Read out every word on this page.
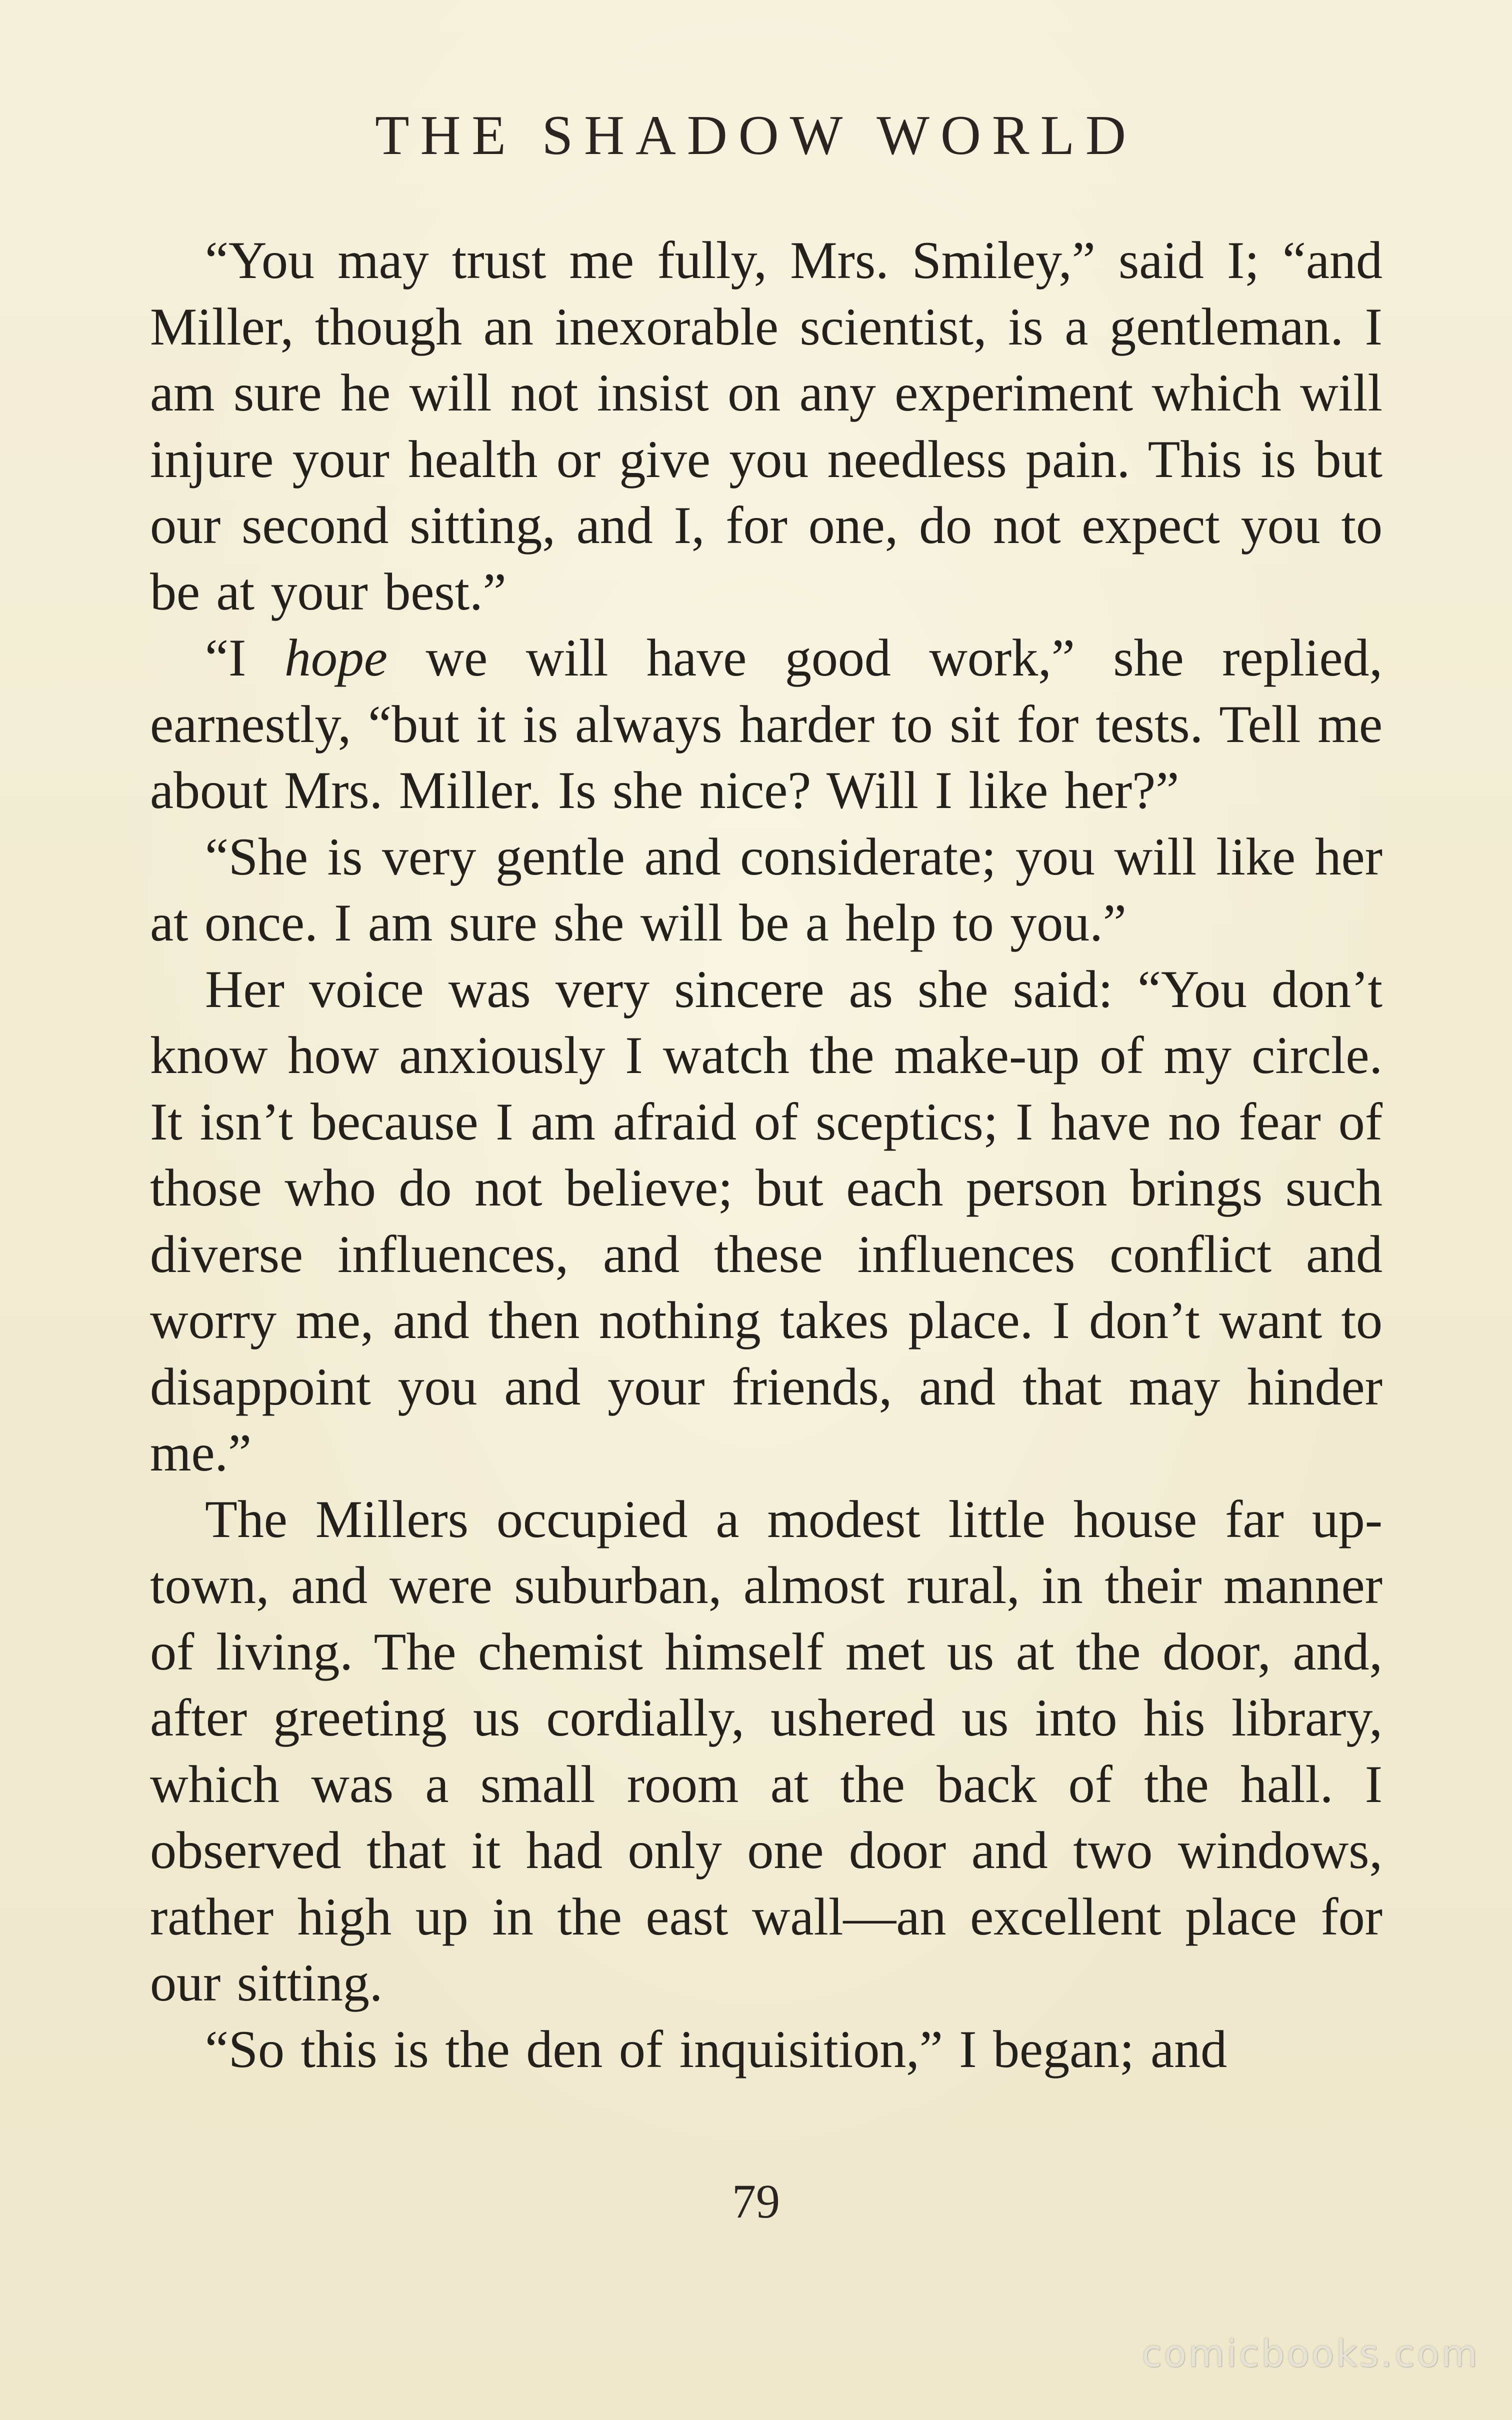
THE SHADOW WORLD

“You may trust me fully, Mrs. Smiley,” said I; “and Miller, though an inexorable scientist, is a gentleman. I am sure he will not insist on any experiment which will injure your health or give you needless pain. This is but our second sitting, and I, for one, do not expect you to be at your best.”

“I hope we will have good work,” she replied, earnestly, “but it is always harder to sit for tests. Tell me about Mrs. Miller. Is she nice? Will I like her?”

“She is very gentle and considerate; you will like her at once. I am sure she will be a help to you.”

Her voice was very sincere as she said: “You don’t know how anxiously I watch the make-up of my circle. It isn’t because I am afraid of sceptics; I have no fear of those who do not believe; but each person brings such diverse influences, and these influences conflict and worry me, and then nothing takes place. I don’t want to disappoint you and your friends, and that may hinder me.”

The Millers occupied a modest little house far up-town, and were suburban, almost rural, in their manner of living. The chemist himself met us at the door, and, after greeting us cordially, ushered us into his library, which was a small room at the back of the hall. I observed that it had only one door and two windows, rather high up in the east wall—an excellent place for our sitting.

“So this is the den of inquisition,” I began; and

79
comicbooks.com
